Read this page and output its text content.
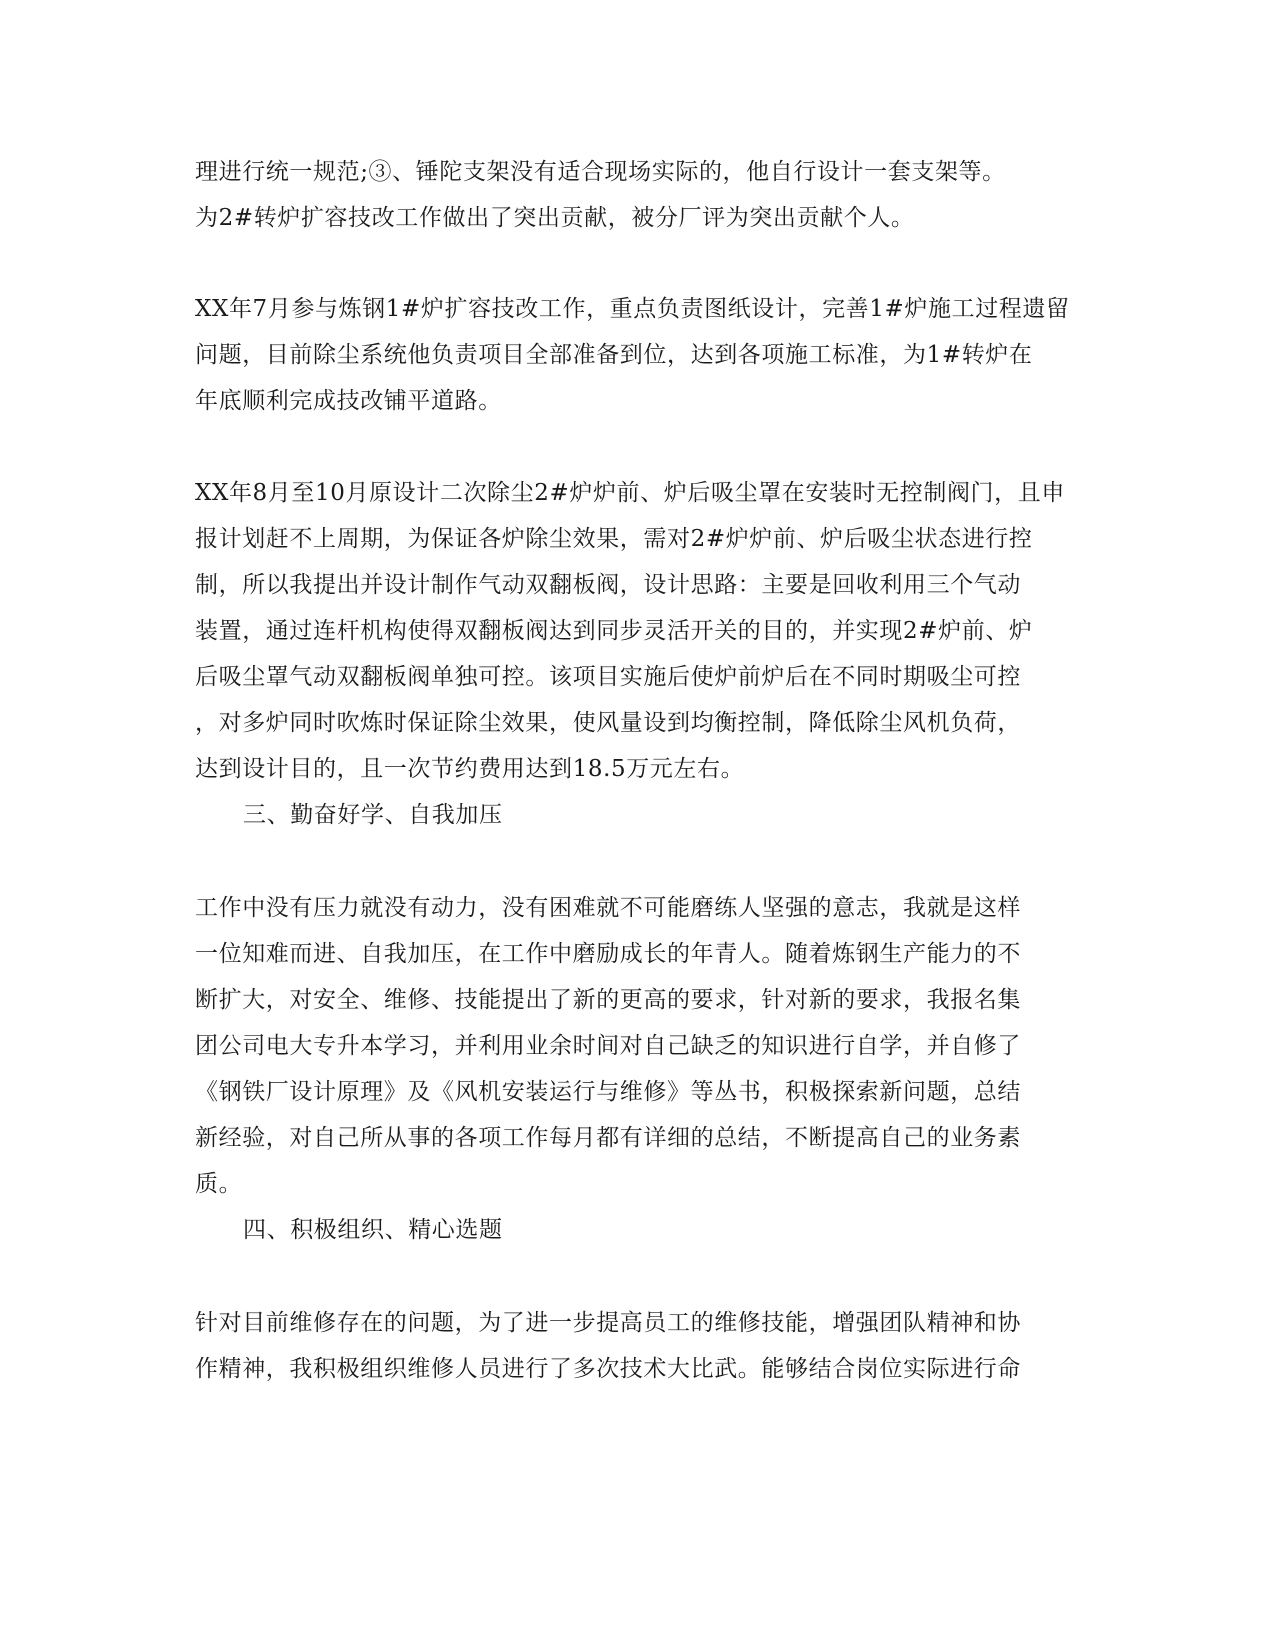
理进行统一规范;③、锤陀支架没有适合现场实际的，他自行设计一套支架等。

为2#转炉扩容技改工作做出了突出贡献，被分厂评为突出贡献个人。

XX年7月参与炼钢1#炉扩容技改工作，重点负责图纸设计，完善1#炉施工过程遗留

问题，目前除尘系统他负责项目全部准备到位，达到各项施工标准，为1#转炉在

年底顺利完成技改铺平道路。

XX年8月至10月原设计二次除尘2#炉炉前、炉后吸尘罩在安装时无控制阀门，且申

报计划赶不上周期，为保证各炉除尘效果，需对2#炉炉前、炉后吸尘状态进行控

制，所以我提出并设计制作气动双翻板阀，设计思路：主要是回收利用三个气动

装置，通过连杆机构使得双翻板阀达到同步灵活开关的目的，并实现2#炉前、炉

后吸尘罩气动双翻板阀单独可控。该项目实施后使炉前炉后在不同时期吸尘可控

，对多炉同时吹炼时保证除尘效果，使风量设到均衡控制，降低除尘风机负荷，

达到设计目的，且一次节约费用达到18.5万元左右。

三、勤奋好学、自我加压

工作中没有压力就没有动力，没有困难就不可能磨练人坚强的意志，我就是这样

一位知难而进、自我加压，在工作中磨励成长的年青人。随着炼钢生产能力的不

断扩大，对安全、维修、技能提出了新的更高的要求，针对新的要求，我报名集

团公司电大专升本学习，并利用业余时间对自己缺乏的知识进行自学，并自修了

《钢铁厂设计原理》及《风机安装运行与维修》等丛书，积极探索新问题，总结

新经验，对自己所从事的各项工作每月都有详细的总结，不断提高自己的业务素

质。

四、积极组织、精心选题

针对目前维修存在的问题，为了进一步提高员工的维修技能，增强团队精神和协

作精神，我积极组织维修人员进行了多次技术大比武。能够结合岗位实际进行命
